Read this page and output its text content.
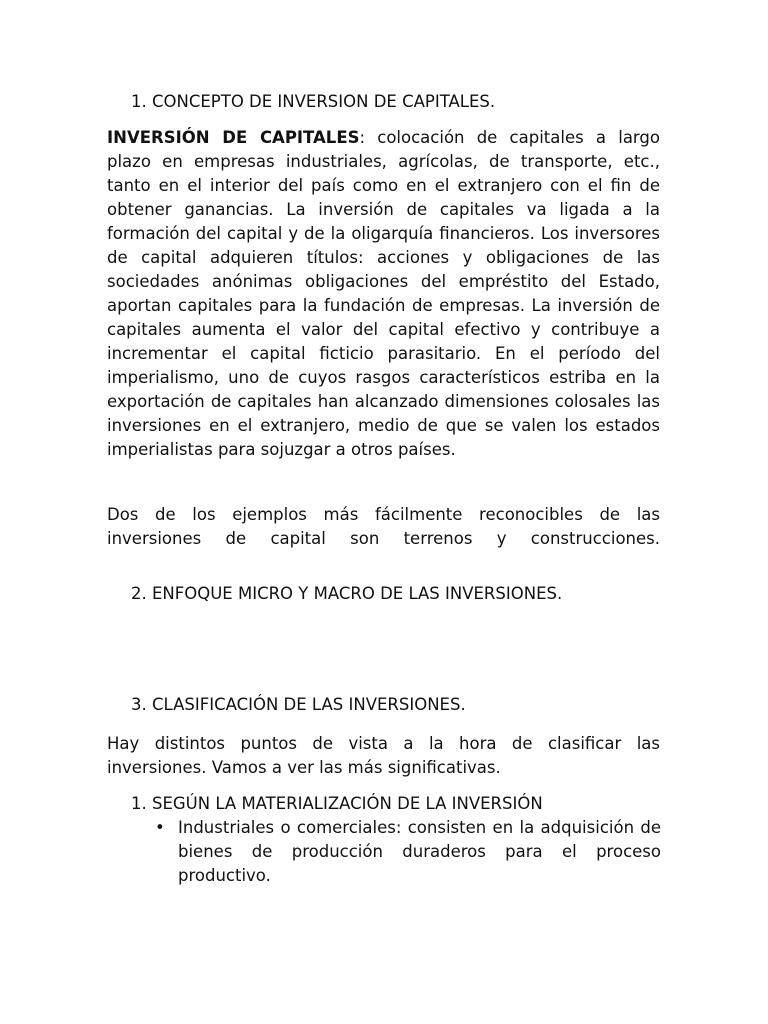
1. CONCEPTO DE INVERSION DE CAPITALES.

INVERSIÓN DE CAPITALES: colocación de capitales a largo plazo en empresas industriales, agrícolas, de transporte, etc., tanto en el interior del país como en el extranjero con el fin de obtener ganancias. La inversión de capitales va ligada a la formación del capital y de la oligarquía financieros. Los inversores de capital adquieren títulos: acciones y obligaciones de las sociedades anónimas obligaciones del empréstito del Estado, aportan capitales para la fundación de empresas. La inversión de capitales aumenta el valor del capital efectivo y contribuye a incrementar el capital ficticio parasitario. En el período del imperialismo, uno de cuyos rasgos característicos estriba en la exportación de capitales han alcanzado dimensiones colosales las inversiones en el extranjero, medio de que se valen los estados imperialistas para sojuzgar a otros países.

Dos de los ejemplos más fácilmente reconocibles de las inversiones de capital son terrenos y construcciones.

2. ENFOQUE MICRO Y MACRO DE LAS INVERSIONES.

3. CLASIFICACIÓN DE LAS INVERSIONES.

Hay distintos puntos de vista a la hora de clasificar las inversiones. Vamos a ver las más significativas.

1. SEGÚN LA MATERIALIZACIÓN DE LA INVERSIÓN

• Industriales o comerciales: consisten en la adquisición de bienes de producción duraderos para el proceso productivo.
